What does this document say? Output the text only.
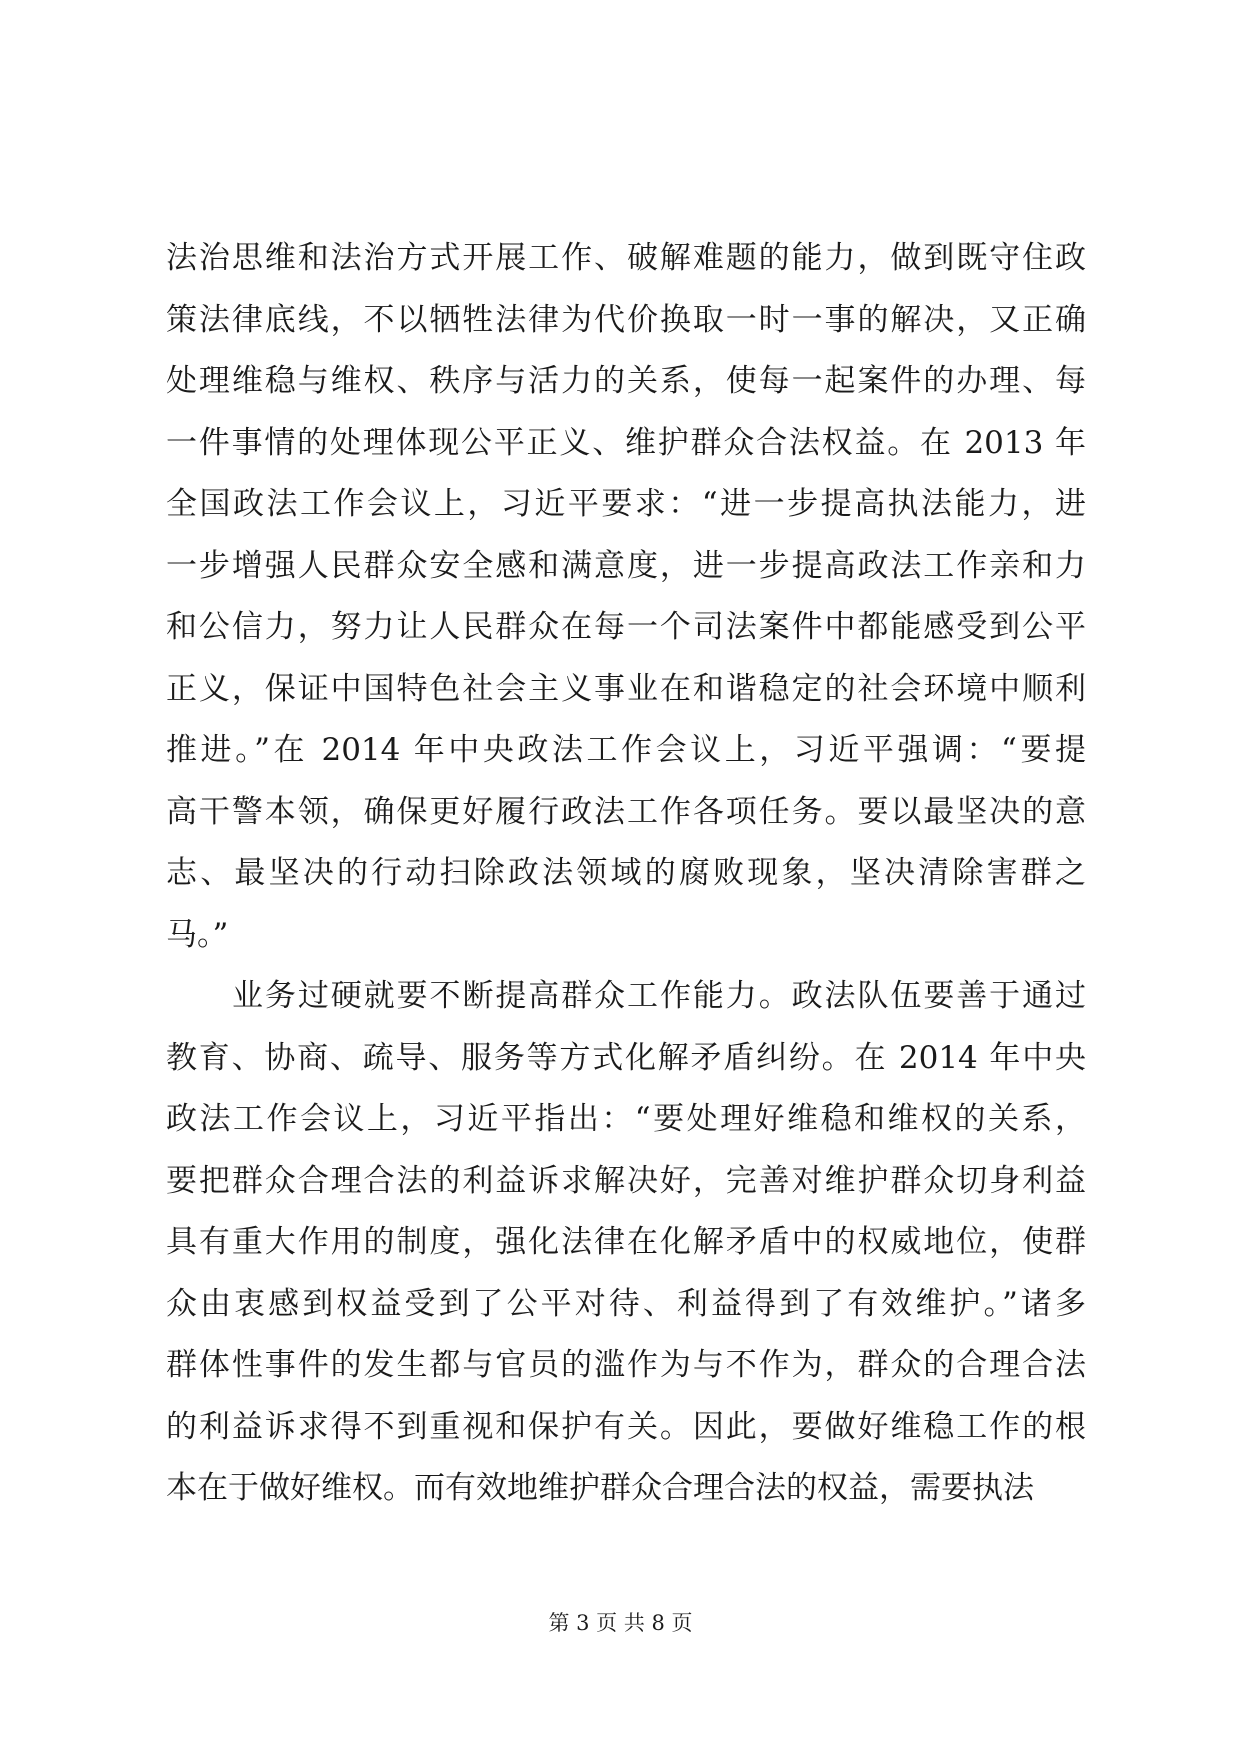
法治思维和法治方式开展工作、破解难题的能力，做到既守住政
策法律底线，不以牺牲法律为代价换取一时一事的解决，又正确
处理维稳与维权、秩序与活力的关系，使每一起案件的办理、每
一件事情的处理体现公平正义、维护群众合法权益。在 2013 年
全国政法工作会议上，习近平要求：“进一步提高执法能力，进
一步增强人民群众安全感和满意度，进一步提高政法工作亲和力
和公信力，努力让人民群众在每一个司法案件中都能感受到公平
正义，保证中国特色社会主义事业在和谐稳定的社会环境中顺利
推进。”在 2014 年中央政法工作会议上，习近平强调：“要提
高干警本领，确保更好履行政法工作各项任务。要以最坚决的意
志、最坚决的行动扫除政法领域的腐败现象，坚决清除害群之
马。”
业务过硬就要不断提高群众工作能力。政法队伍要善于通过
教育、协商、疏导、服务等方式化解矛盾纠纷。在 2014 年中央
政法工作会议上，习近平指出：“要处理好维稳和维权的关系，
要把群众合理合法的利益诉求解决好，完善对维护群众切身利益
具有重大作用的制度，强化法律在化解矛盾中的权威地位，使群
众由衷感到权益受到了公平对待、利益得到了有效维护。”诸多
群体性事件的发生都与官员的滥作为与不作为，群众的合理合法
的利益诉求得不到重视和保护有关。因此，要做好维稳工作的根
本在于做好维权。而有效地维护群众合理合法的权益，需要执法
第 3 页 共 8 页
